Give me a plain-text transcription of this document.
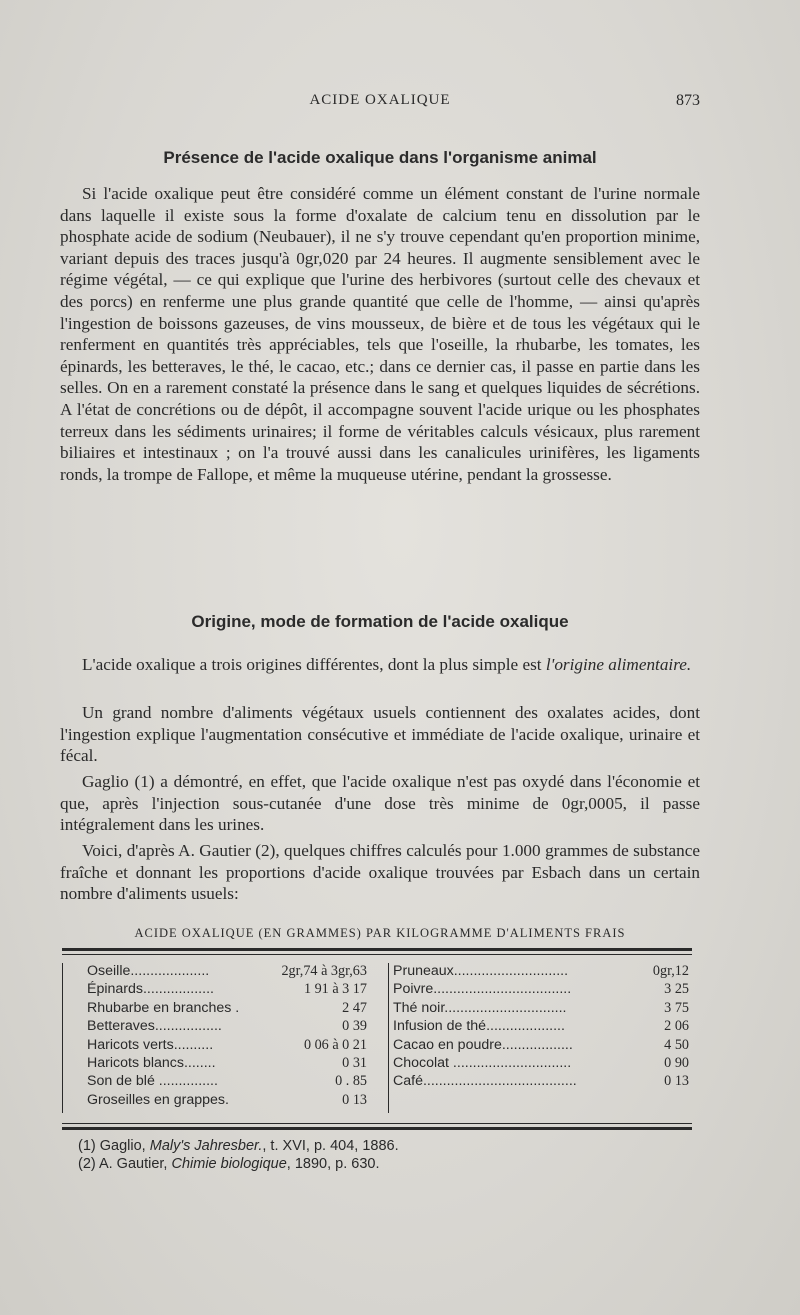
ACIDE OXALIQUE	873
Présence de l'acide oxalique dans l'organisme animal

Si l'acide oxalique peut être considéré comme un élément constant de l'urine normale dans laquelle il existe sous la forme d'oxalate de calcium tenu en dissolution par le phosphate acide de sodium (Neubauer), il ne s'y trouve cependant qu'en proportion minime, variant depuis des traces jusqu'à 0gr,020 par 24 heures. Il augmente sensiblement avec le régime végétal, — ce qui explique que l'urine des herbivores (surtout celle des chevaux et des porcs) en renferme une plus grande quantité que celle de l'homme, — ainsi qu'après l'ingestion de boissons gazeuses, de vins mousseux, de bière et de tous les végétaux qui le renferment en quantités très appréciables, tels que l'oseille, la rhubarbe, les tomates, les épinards, les betteraves, le thé, le cacao, etc.; dans ce dernier cas, il passe en partie dans les selles. On en a rarement constaté la présence dans le sang et quelques liquides de sécrétions. A l'état de concrétions ou de dépôt, il accompagne souvent l'acide urique ou les phosphates terreux dans les sédiments urinaires; il forme de véritables calculs vésicaux, plus rarement biliaires et intestinaux ; on l'a trouvé aussi dans les canalicules urinifères, les ligaments ronds, la trompe de Fallope, et même la muqueuse utérine, pendant la grossesse.

Origine, mode de formation de l'acide oxalique

L'acide oxalique a trois origines différentes, dont la plus simple est l'origine alimentaire.

Un grand nombre d'aliments végétaux usuels contiennent des oxalates acides, dont l'ingestion explique l'augmentation consécutive et immédiate de l'acide oxalique, urinaire et fécal.

Gaglio (1) a démontré, en effet, que l'acide oxalique n'est pas oxydé dans l'économie et que, après l'injection sous-cutanée d'une dose très minime de 0gr,0005, il passe intégralement dans les urines.

Voici, d'après A. Gautier (2), quelques chiffres calculés pour 1.000 grammes de substance fraîche et donnant les proportions d'acide oxalique trouvées par Esbach dans un certain nombre d'aliments usuels:

ACIDE OXALIQUE (EN GRAMMES) PAR KILOGRAMME D'ALIMENTS FRAIS
Oseille....................	2gr,74 à 3gr,63
Épinards..................	1 91 à 3 17
Rhubarbe en branches .	2 47
Betteraves.................	0 39
Haricots verts..........	0 06 à 0 21
Haricots blancs........	0 31
Son de blé ...............	0 . 85
Groseilles en grappes.	0 13
Pruneaux.............................	0gr,12
Poivre...................................	3 25
Thé noir...............................	3 75
Infusion de thé....................	2 06
Cacao en poudre..................	4 50
Chocolat ..............................	0 90
Café.......................................	0 13

(1) Gaglio, Maly's Jahresber., t. XVI, p. 404, 1886.

(2) A. Gautier, Chimie biologique, 1890, p. 630.
